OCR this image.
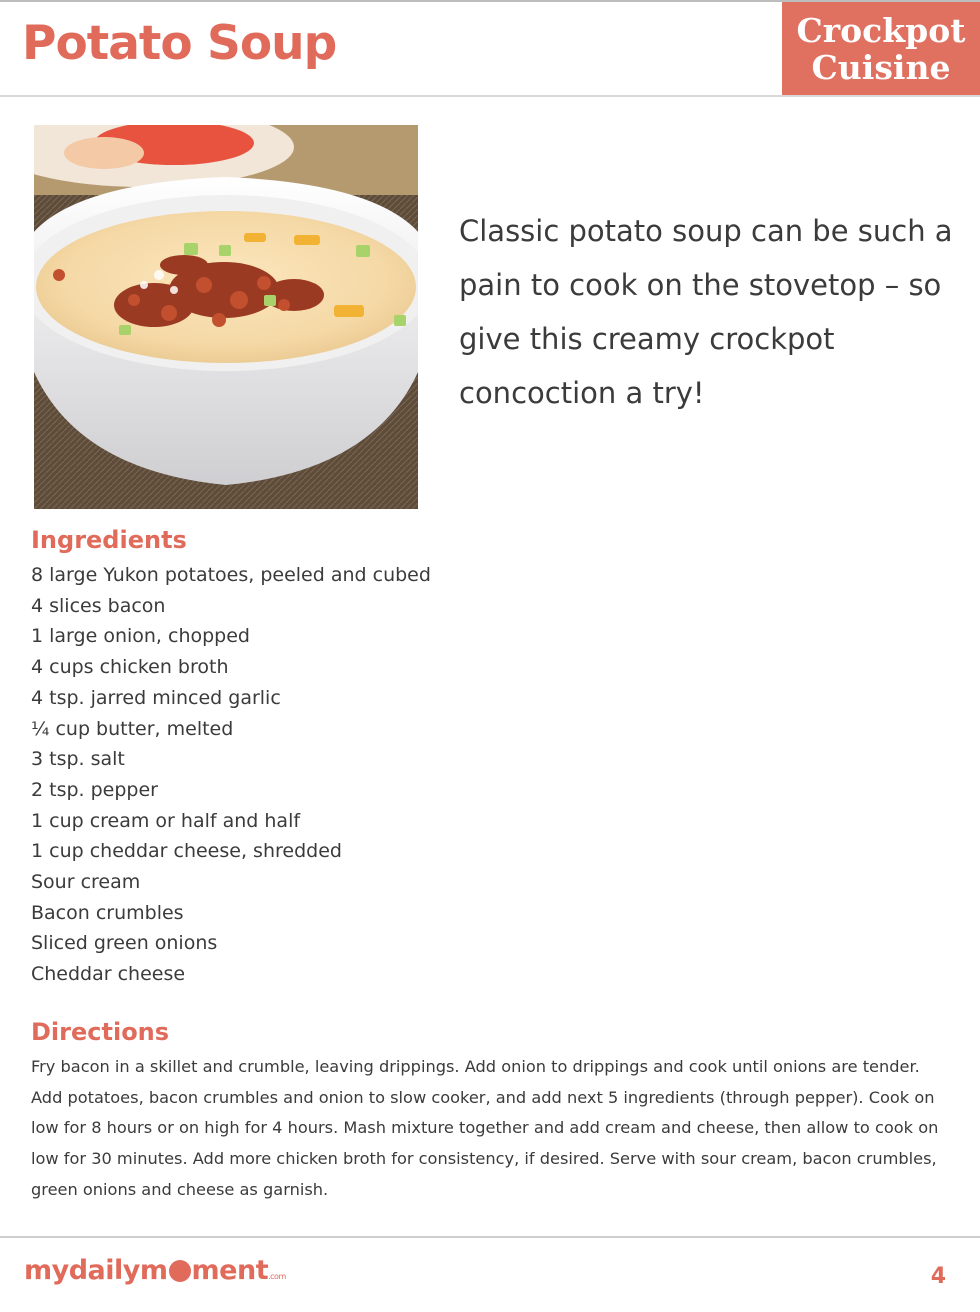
Potato Soup	Crockpot
Cuisine

Classic potato soup can be such a pain to cook on the stovetop – so give this creamy crockpot concoction a try!

Ingredients
8 large Yukon potatoes, peeled and cubed
4 slices bacon
1 large onion, chopped
4 cups chicken broth
4 tsp. jarred minced garlic
¼ cup butter, melted
3 tsp. salt
2 tsp. pepper
1 cup cream or half and half
1 cup cheddar cheese, shredded
Sour cream
Bacon crumbles
Sliced green onions
Cheddar cheese
Directions

Fry bacon in a skillet and crumble, leaving drippings. Add onion to drippings and cook until onions are tender. Add potatoes, bacon crumbles and onion to slow cooker, and add next 5 ingredients (through pepper). Cook on low for 8 hours or on high for 4 hours. Mash mixture together and add cream and cheese, then allow to cook on low for 30 minutes. Add more chicken broth for consistency, if desired. Serve with sour cream, bacon crumbles, green onions and cheese as garnish.

mydailym ment.com	4
